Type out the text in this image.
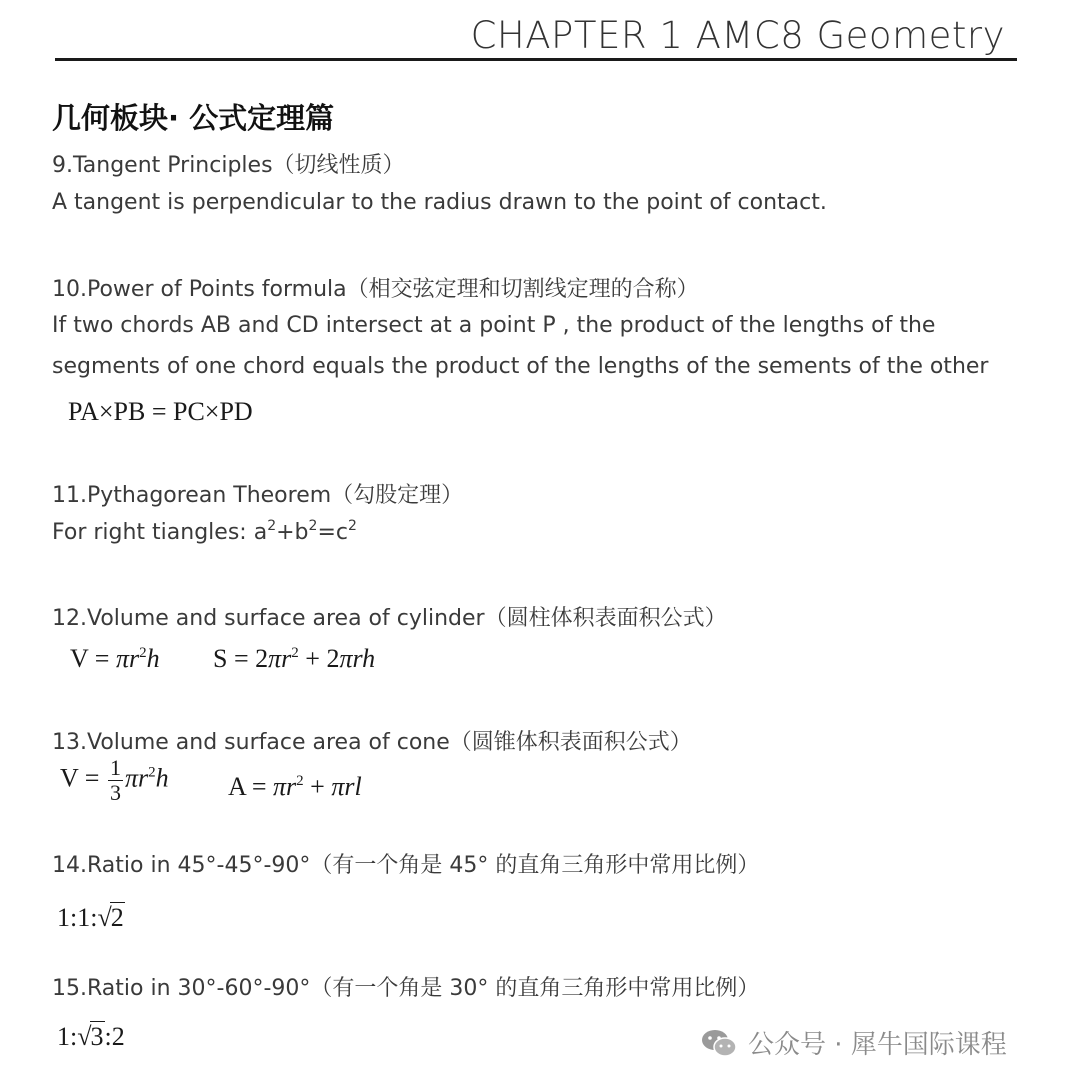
CHAPTER 1 AMC8 Geometry
几何板块· 公式定理篇
9.Tangent Principles（切线性质）
A tangent is perpendicular to the radius drawn to the point of contact.
10.Power of Points formula（相交弦定理和切割线定理的合称）
If two chords AB and CD intersect at a point P , the product of the lengths of the
segments of one chord equals the product of the lengths of the sements of the other
PA×PB = PC×PD
11.Pythagorean Theorem（勾股定理）
For right tiangles: $a^2+b^2=c^2$
12.Volume and surface area of cylinder（圆柱体积表面积公式）
$V = \pi r^2h$ $S = 2\pi r^2 + 2\pi rh$
13.Volume and surface area of cone（圆锥体积表面积公式）
$V = \frac{1}{3} \pi r^2h$ $A = \pi r^2 + \pi rl$
14.Ratio in 45°-45°-90°（有一个角是 45° 的直角三角形中常用比例）
1:1:√2
15.Ratio in 30°-60°-90°（有一个角是 30° 的直角三角形中常用比例）
1:√3:2	公众号 · 犀牛国际课程
